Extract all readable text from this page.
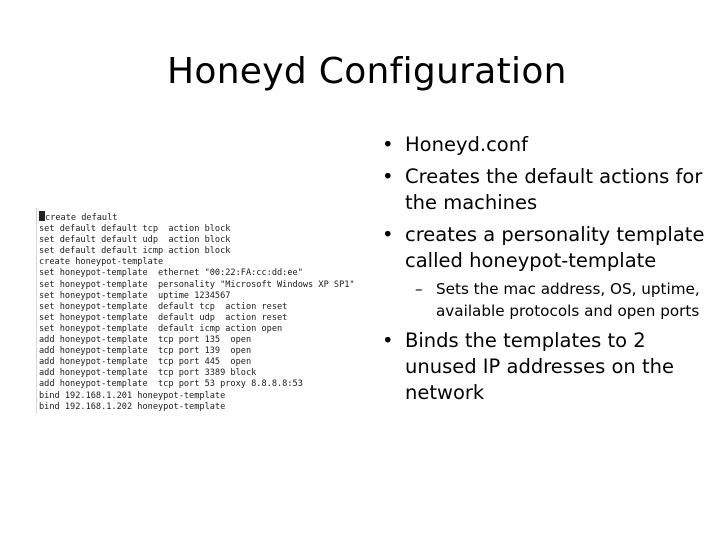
Honeyd Configuration
create default
set default default tcp  action block
set default default udp  action block
set default default icmp action block
create honeypot-template
set honeypot-template  ethernet "00:22:FA:cc:dd:ee"
set honeypot-template  personality "Microsoft Windows XP SP1"
set honeypot-template  uptime 1234567
set honeypot-template  default tcp  action reset
set honeypot-template  default udp  action reset
set honeypot-template  default icmp action open
add honeypot-template  tcp port 135  open
add honeypot-template  tcp port 139  open
add honeypot-template  tcp port 445  open
add honeypot-template  tcp port 3389 block
add honeypot-template  tcp port 53 proxy 8.8.8.8:53
bind 192.168.1.201 honeypot-template
bind 192.168.1.202 honeypot-template
• Honeyd.conf
• Creates the default actions for the machines
• creates a personality template called honeypot-template
– Sets the mac address, OS, uptime, available protocols and open ports
• Binds the templates to 2 unused IP addresses on the network
